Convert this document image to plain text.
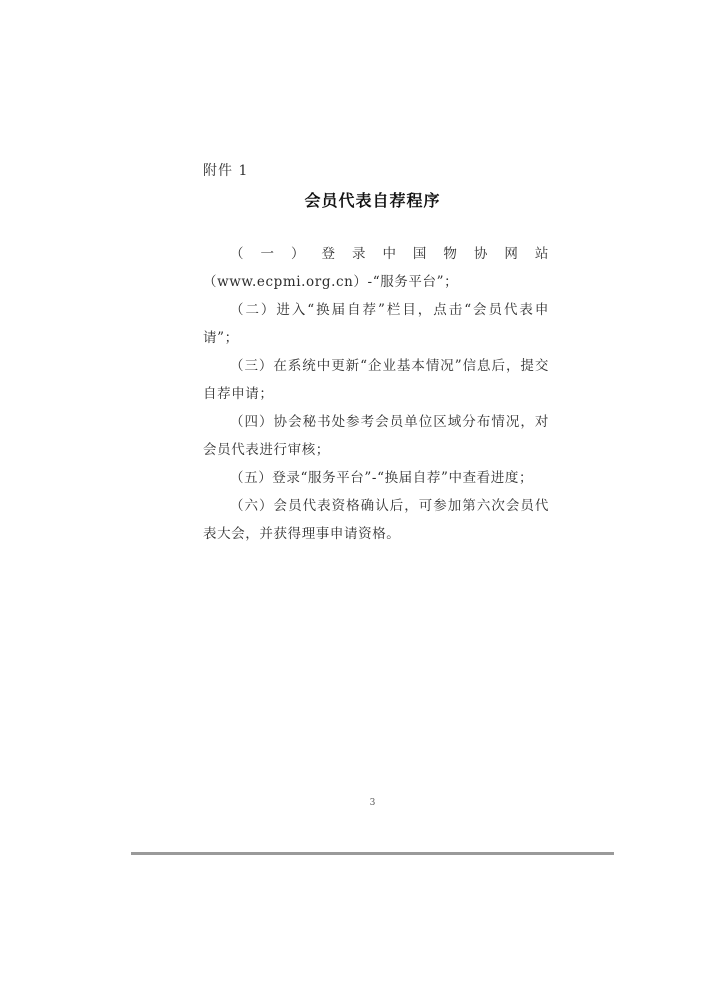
附件 1
会员代表自荐程序

（一）登录中国物协网站（www.ecpmi.org.cn）-“服务平台”；

（二）进入“换届自荐”栏目，点击“会员代表申请”；

（三）在系统中更新“企业基本情况”信息后，提交自荐申请；

（四）协会秘书处参考会员单位区域分布情况，对会员代表进行审核；

（五）登录“服务平台”-“换届自荐”中查看进度；

（六）会员代表资格确认后，可参加第六次会员代表大会，并获得理事申请资格。

3
